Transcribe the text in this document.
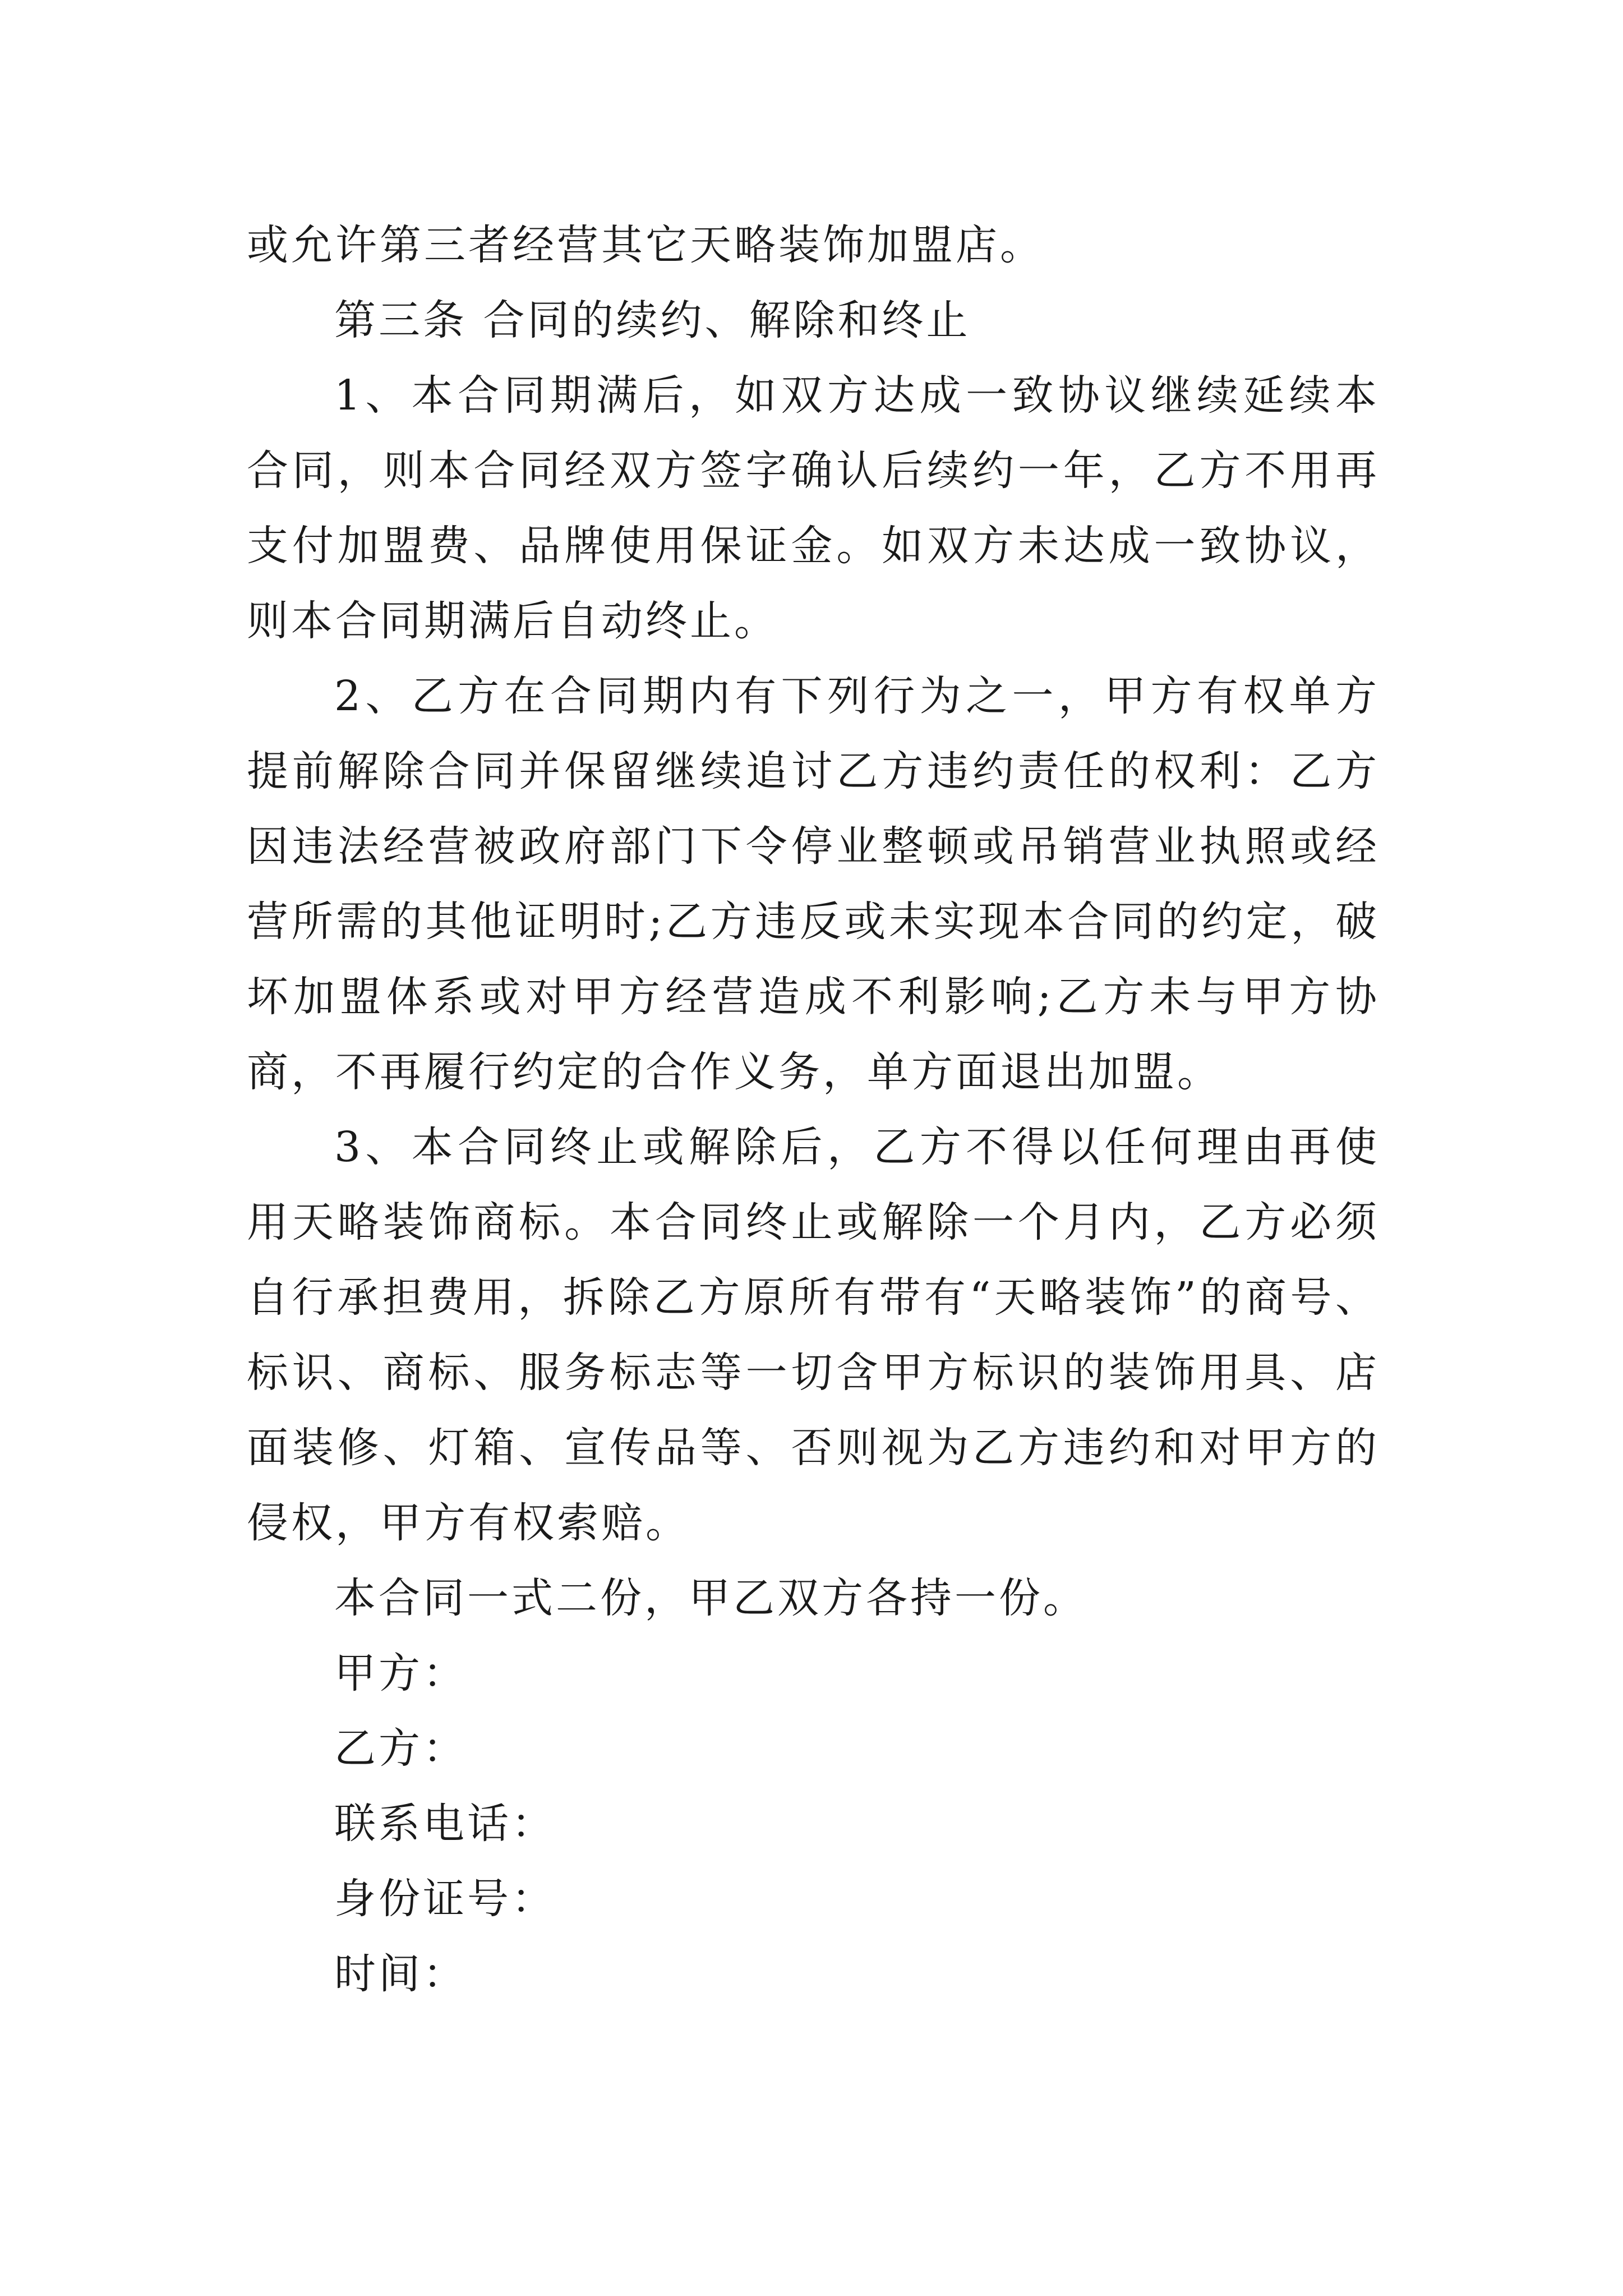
或允许第三者经营其它天略装饰加盟店。

第三条 合同的续约、解除和终止

1、本合同期满后，如双方达成一致协议继续延续本合同，则本合同经双方签字确认后续约一年，乙方不用再支付加盟费、品牌使用保证金。如双方未达成一致协议，则本合同期满后自动终止。

2、乙方在合同期内有下列行为之一，甲方有权单方提前解除合同并保留继续追讨乙方违约责任的权利：乙方因违法经营被政府部门下令停业整顿或吊销营业执照或经营所需的其他证明时;乙方违反或未实现本合同的约定，破坏加盟体系或对甲方经营造成不利影响;乙方未与甲方协商，不再履行约定的合作义务，单方面退出加盟。

3、本合同终止或解除后，乙方不得以任何理由再使用天略装饰商标。本合同终止或解除一个月内，乙方必须自行承担费用，拆除乙方原所有带有“天略装饰”的商号、标识、商标、服务标志等一切含甲方标识的装饰用具、店面装修、灯箱、宣传品等、否则视为乙方违约和对甲方的侵权，甲方有权索赔。

本合同一式二份，甲乙双方各持一份。

甲方：

乙方：

联系电话：

身份证号：

时间：
